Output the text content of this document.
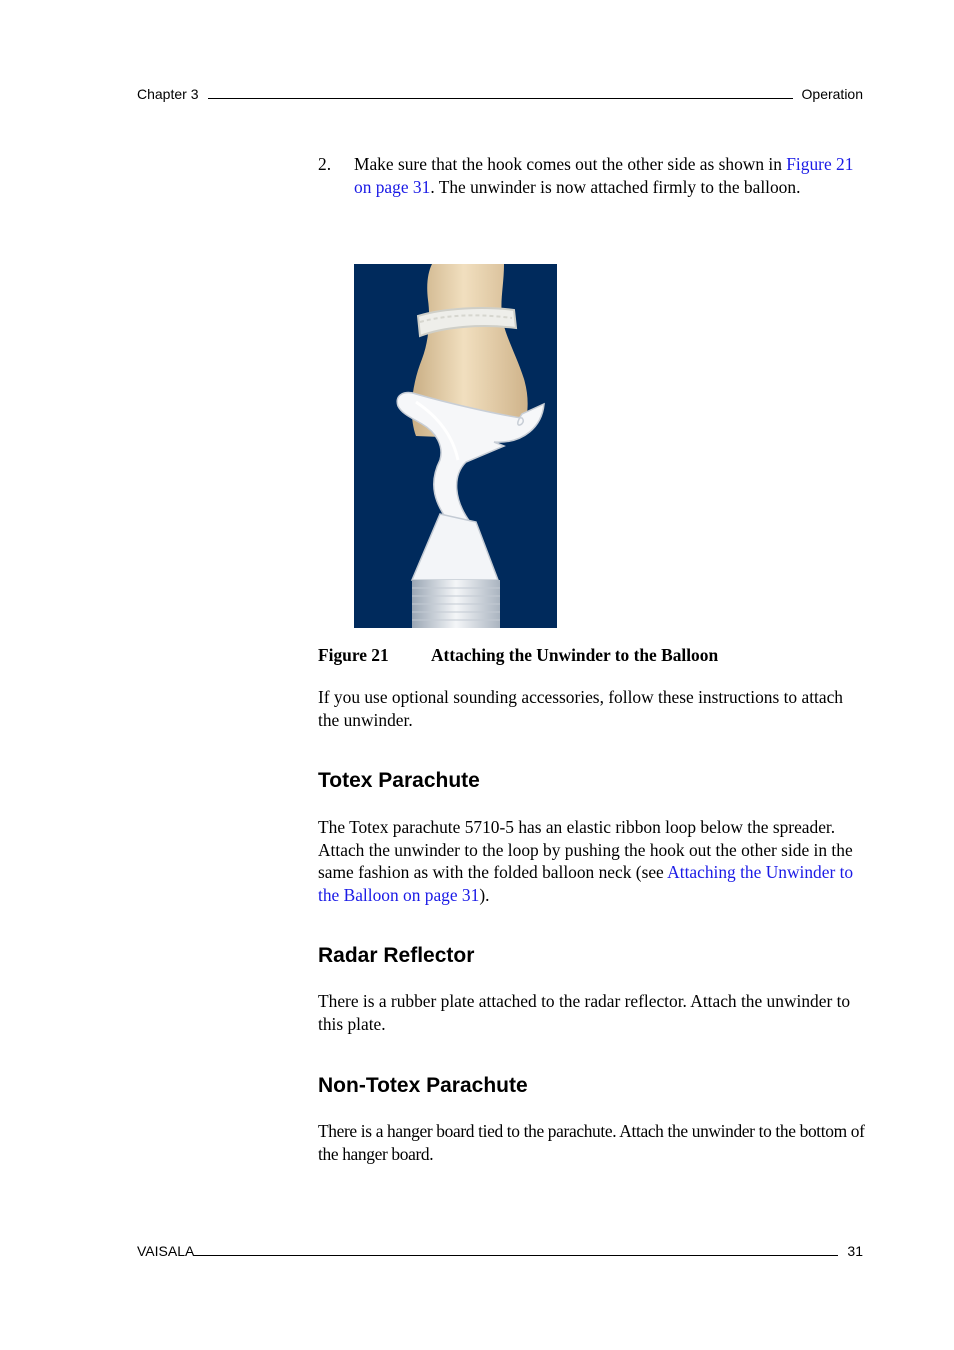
Chapter 3	Operation
2. Make sure that the hook comes out the other side as shown in Figure 21 on page 31. The unwinder is now attached firmly to the balloon.
Figure 21	Attaching the Unwinder to the Balloon

If you use optional sounding accessories, follow these instructions to attach the unwinder.

Totex Parachute

The Totex parachute 5710-5 has an elastic ribbon loop below the spreader. Attach the unwinder to the loop by pushing the hook out the other side in the same fashion as with the folded balloon neck (see Attaching the Unwinder to the Balloon on page 31).

Radar Reflector

There is a rubber plate attached to the radar reflector. Attach the unwinder to this plate.

Non-Totex Parachute

There is a hanger board tied to the parachute. Attach the unwinder to the bottom of the hanger board.

VAISALA	31
